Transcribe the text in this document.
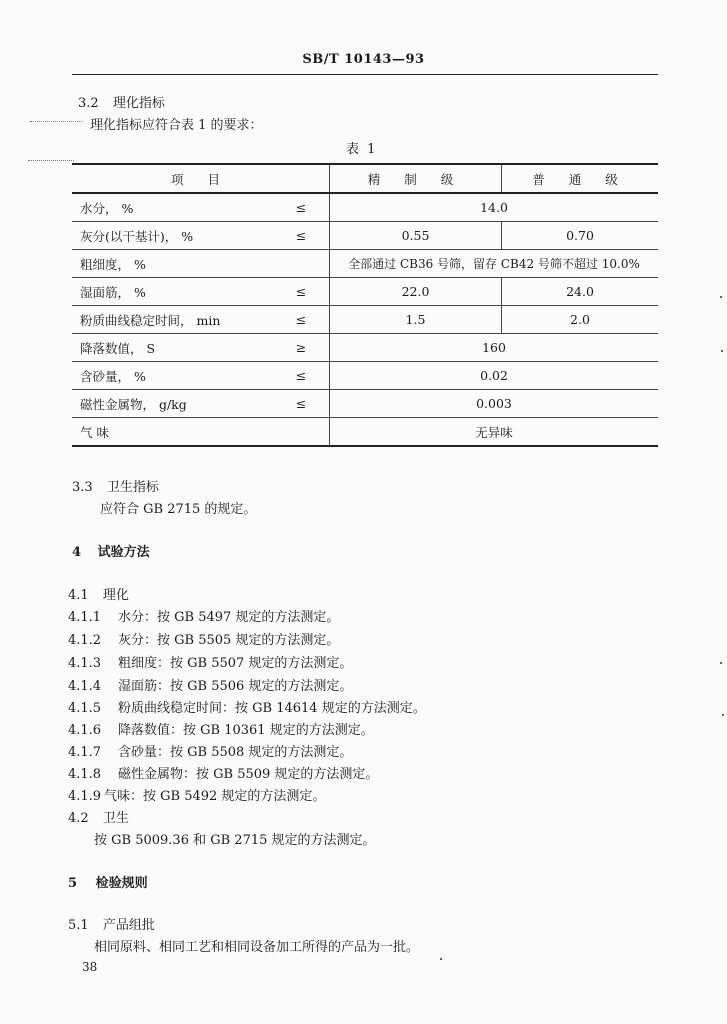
SB/T 10143—93
3.2 理化指标
理化指标应符合表 1 的要求：
表 1
项 目		精 制 级	普 通 级
水分， %	≤	14.0	
灰分(以干基计)， %	≤	0.55	0.70
粗细度， %		全部通过 CB36 号筛，留存 CB42 号筛不超过 10.0%	
湿面筋， %	≤	22.0	24.0
粉质曲线稳定时间， min	≤	1.5	2.0
降落数值， S	≥	160	
含砂量， %	≤	0.02	
磁性金属物， g/kg	≤	0.003	
气 味		无异味	
3.3 卫生指标
应符合 GB 2715 的规定。
4 试验方法
4.1 理化
4.1.1 水分：按 GB 5497 规定的方法测定。
4.1.2 灰分：按 GB 5505 规定的方法测定。
4.1.3 粗细度：按 GB 5507 规定的方法测定。
4.1.4 湿面筋：按 GB 5506 规定的方法测定。
4.1.5 粉质曲线稳定时间：按 GB 14614 规定的方法测定。
4.1.6 降落数值：按 GB 10361 规定的方法测定。
4.1.7 含砂量：按 GB 5508 规定的方法测定。
4.1.8 磁性金属物：按 GB 5509 规定的方法测定。
4.1.9 气味：按 GB 5492 规定的方法测定。
4.2 卫生
按 GB 5009.36 和 GB 2715 规定的方法测定。
5 检验规则
5.1 产品组批
相同原料、相同工艺和相同设备加工所得的产品为一批。
38
